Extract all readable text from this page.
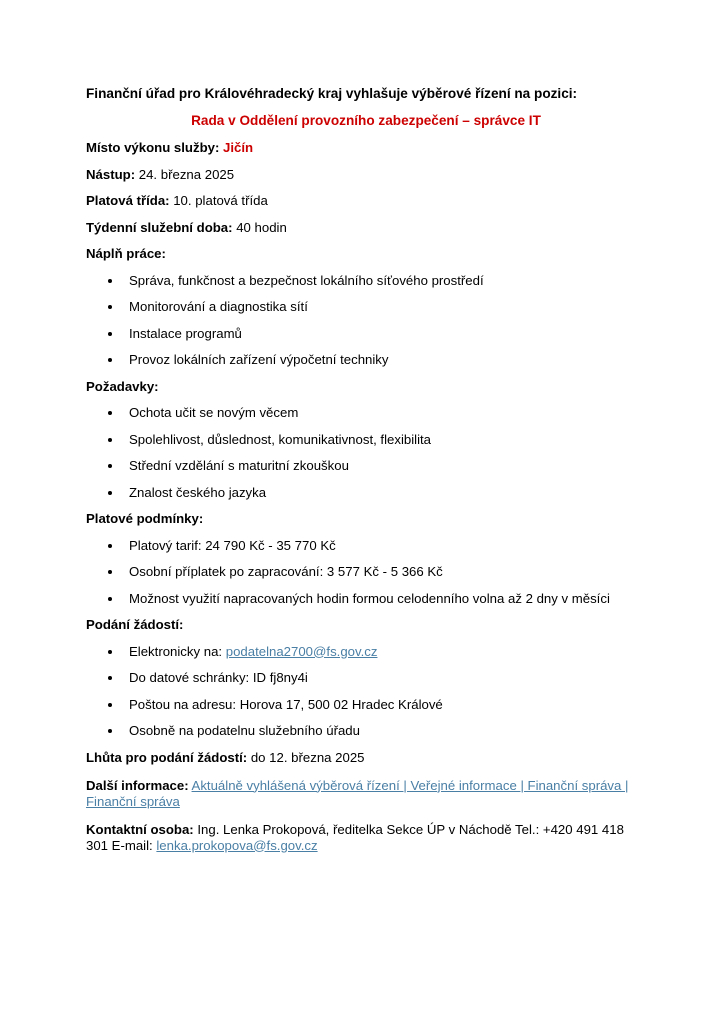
Finanční úřad pro Královéhradecký kraj vyhlašuje výběrové řízení na pozici:
Rada v Oddělení provozního zabezpečení – správce IT
Místo výkonu služby: Jičín
Nástup: 24. března 2025
Platová třída: 10. platová třída
Týdenní služební doba: 40 hodin
Náplň práce:
Správa, funkčnost a bezpečnost lokálního síťového prostředí
Monitorování a diagnostika sítí
Instalace programů
Provoz lokálních zařízení výpočetní techniky
Požadavky:
Ochota učit se novým věcem
Spolehlivost, důslednost, komunikativnost, flexibilita
Střední vzdělání s maturitní zkouškou
Znalost českého jazyka
Platové podmínky:
Platový tarif: 24 790 Kč - 35 770 Kč
Osobní příplatek po zapracování: 3 577 Kč - 5 366 Kč
Možnost využití napracovaných hodin formou celodenního volna až 2 dny v měsíci
Podání žádostí:
Elektronicky na: podatelna2700@fs.gov.cz
Do datové schránky: ID fj8ny4i
Poštou na adresu: Horova 17, 500 02 Hradec Králové
Osobně na podatelnu služebního úřadu
Lhůta pro podání žádostí: do 12. března 2025
Další informace: Aktuálně vyhlášená výběrová řízení | Veřejné informace | Finanční správa | Finanční správa
Kontaktní osoba: Ing. Lenka Prokopová, ředitelka Sekce ÚP v Náchodě Tel.: +420 491 418 301 E-mail: lenka.prokopova@fs.gov.cz
